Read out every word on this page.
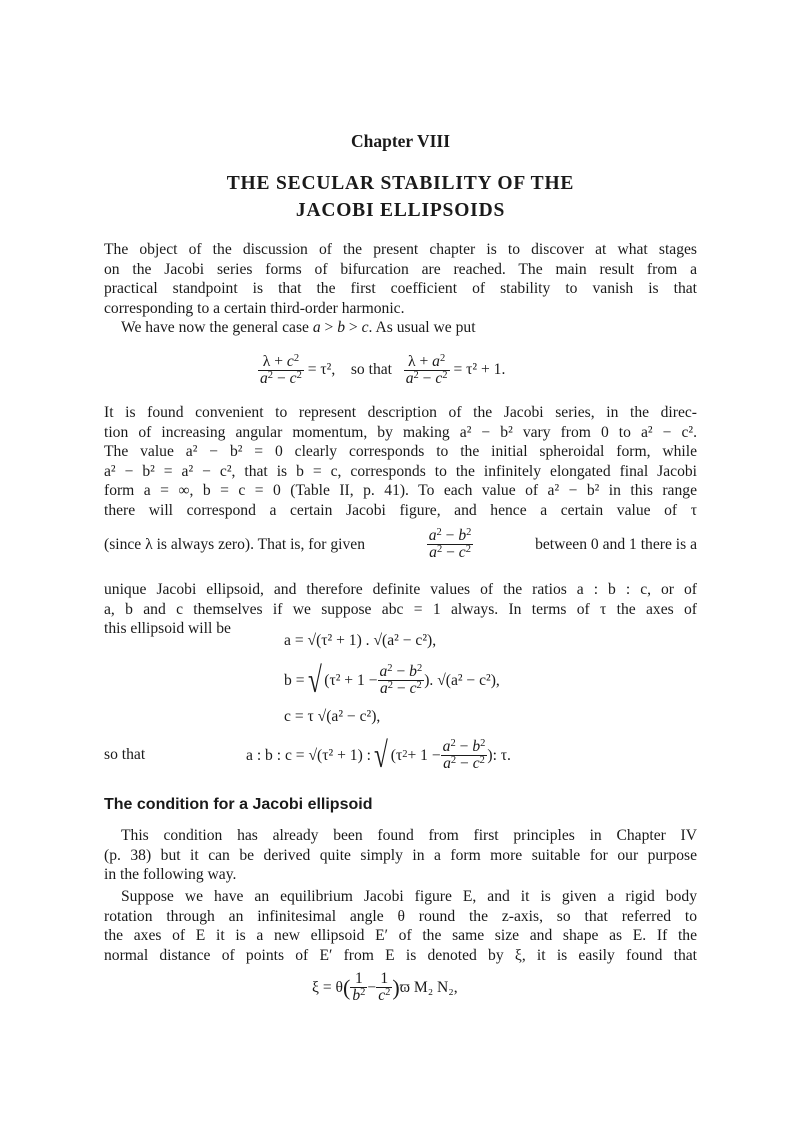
Chapter VIII
THE SECULAR STABILITY OF THE
JACOBI ELLIPSOIDS
The object of the discussion of the present chapter is to discover at what stages
on the Jacobi series forms of bifurcation are reached. The main result from a
practical standpoint is that the first coefficient of stability to vanish is that
corresponding to a certain third-order harmonic.
We have now the general case a > b > c. As usual we put
$\frac{\lambda + c^2}{a^2 - c^2} = \tau^2$,    so that $\frac{\lambda + a^2}{a^2 - c^2} = \tau^2 + 1$.
It is found convenient to represent description of the Jacobi series, in the direc-
tion of increasing angular momentum, by making a² − b² vary from 0 to a² − c².
The value a² − b² = 0 clearly corresponds to the initial spheroidal form, while
a² − b² = a² − c², that is b = c, corresponds to the infinitely elongated final Jacobi
form a = ∞, b = c = 0 (Table II, p. 41). To each value of a² − b² in this range
there will correspond a certain Jacobi figure, and hence a certain value of τ
(since λ is always zero). That is, for given	$\frac{a^2 - b^2}{a^2 - c^2}$	between 0 and 1 there is a
unique Jacobi ellipsoid, and therefore definite values of the ratios a : b : c, or of
a, b and c themselves if we suppose abc = 1 always. In terms of τ the axes of
this ellipsoid will be
a = √(τ² + 1) . √(a² − c²),
b = √ ( $\tau^2 + 1 - \frac{a^2 - b^2}{a^2 - c^2}$ ) . √(a² − c²),
c = τ √(a² − c²),
so that	a : b : c = √(τ² + 1) : √ (τ $2 + 1 - \frac{a^2 - b^2}{a^2 - c^2}$ ) : τ.
The condition for a Jacobi ellipsoid
This condition has already been found from first principles in Chapter IV
(p. 38) but it can be derived quite simply in a form more suitable for our purpose
in the following way.
Suppose we have an equilibrium Jacobi figure E, and it is given a rigid body
rotation through an infinitesimal angle θ round the z-axis, so that referred to
the axes of E it is a new ellipsoid E′ of the same size and shape as E. If the
normal distance of points of E′ from E is denoted by ξ, it is easily found that
ξ = θ ( $\frac{1}{b^2} - \frac{1}{c^2}$ ) ϖ M₂ N₂,
